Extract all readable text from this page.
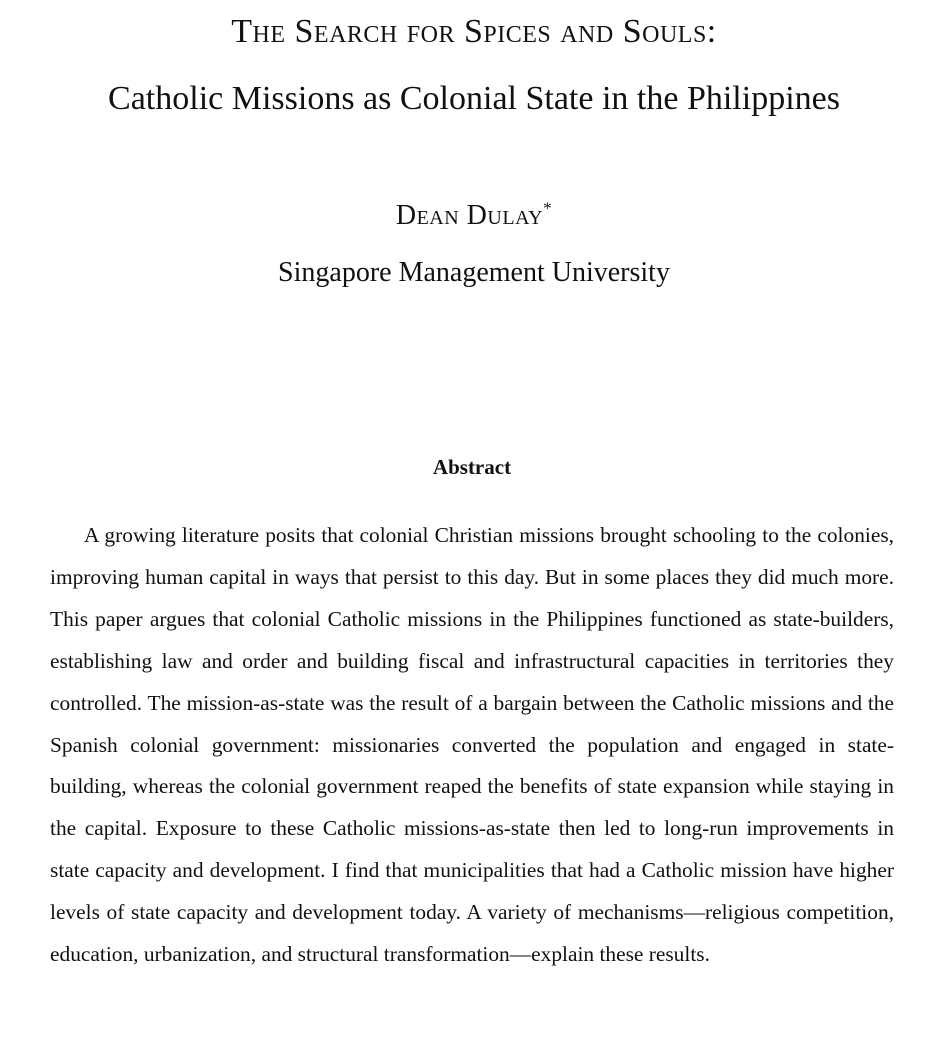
The Search for Spices and Souls:
Catholic Missions as Colonial State in the Philippines
Dean Dulay*
Singapore Management University
Abstract

A growing literature posits that colonial Christian missions brought schooling to the colonies, improving human capital in ways that persist to this day. But in some places they did much more. This paper argues that colonial Catholic missions in the Philippines functioned as state-builders, establishing law and order and building fiscal and infrastructural capacities in territories they controlled. The mission-as-state was the result of a bargain between the Catholic missions and the Spanish colonial government: missionaries converted the population and engaged in state-building, whereas the colonial government reaped the benefits of state expansion while staying in the capital. Exposure to these Catholic missions-as-state then led to long-run improvements in state capacity and development. I find that municipalities that had a Catholic mission have higher levels of state capacity and development today. A variety of mechanisms—religious competition, education, urbanization, and structural transformation—explain these results.
